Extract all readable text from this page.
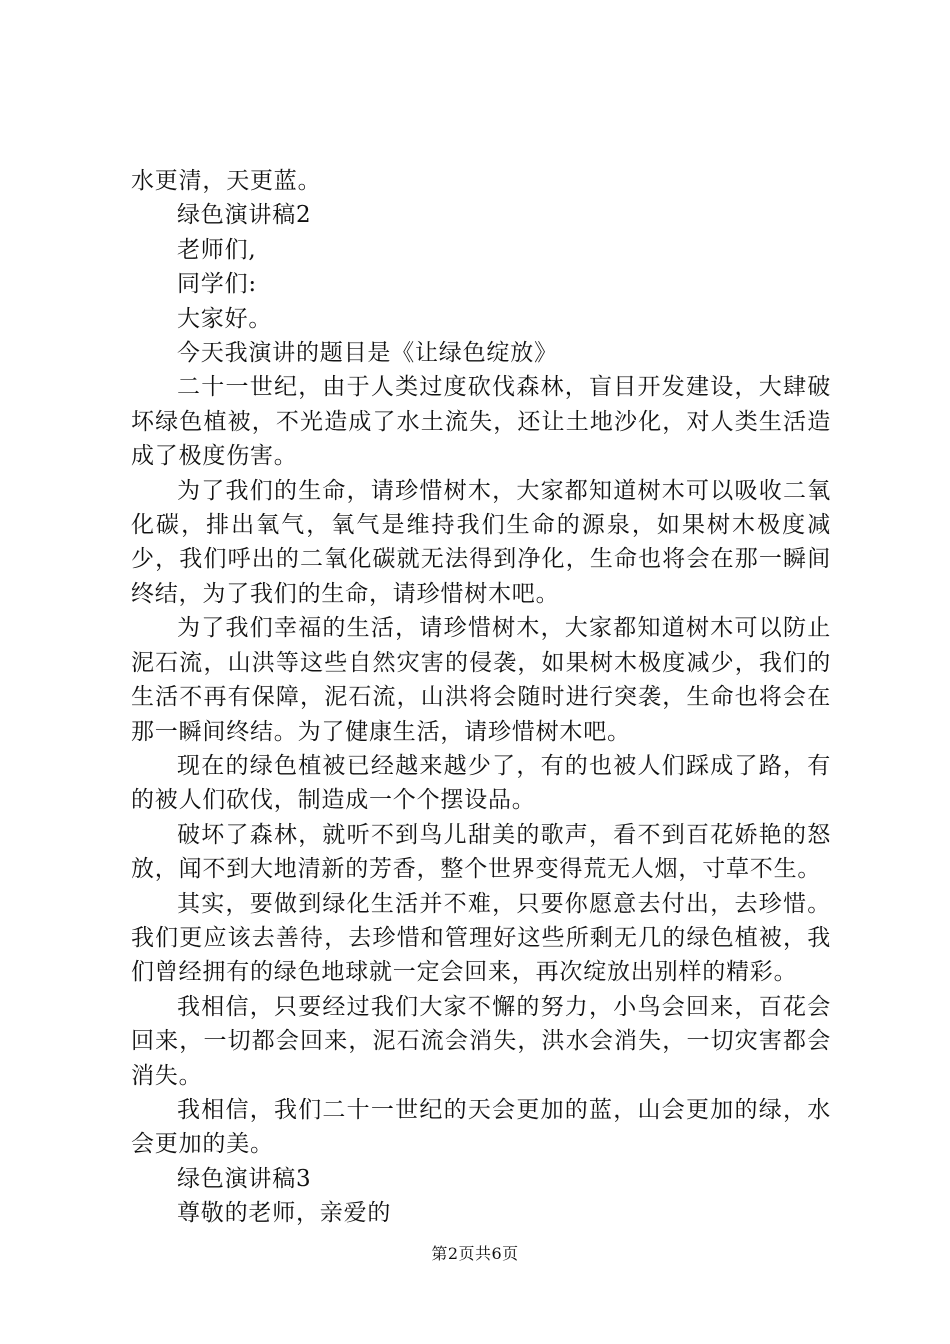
水更清，天更蓝。

绿色演讲稿2

老师们,

同学们:

大家好。

今天我演讲的题目是《让绿色绽放》

二十一世纪，由于人类过度砍伐森林，盲目开发建设，大肆破坏绿色植被，不光造成了水土流失，还让土地沙化，对人类生活造成了极度伤害。

为了我们的生命，请珍惜树木，大家都知道树木可以吸收二氧化碳，排出氧气，氧气是维持我们生命的源泉，如果树木极度减少，我们呼出的二氧化碳就无法得到净化，生命也将会在那一瞬间终结，为了我们的生命，请珍惜树木吧。

为了我们幸福的生活，请珍惜树木，大家都知道树木可以防止泥石流，山洪等这些自然灾害的侵袭，如果树木极度减少，我们的生活不再有保障，泥石流，山洪将会随时进行突袭，生命也将会在那一瞬间终结。为了健康生活，请珍惜树木吧。

现在的绿色植被已经越来越少了，有的也被人们踩成了路，有的被人们砍伐，制造成一个个摆设品。

破坏了森林，就听不到鸟儿甜美的歌声，看不到百花娇艳的怒放，闻不到大地清新的芳香，整个世界变得荒无人烟，寸草不生。

其实，要做到绿化生活并不难，只要你愿意去付出，去珍惜。我们更应该去善待，去珍惜和管理好这些所剩无几的绿色植被，我们曾经拥有的绿色地球就一定会回来，再次绽放出别样的精彩。

我相信，只要经过我们大家不懈的努力，小鸟会回来，百花会回来，一切都会回来，泥石流会消失，洪水会消失，一切灾害都会消失。

我相信，我们二十一世纪的天会更加的蓝，山会更加的绿，水会更加的美。

绿色演讲稿3

尊敬的老师，亲爱的

第2页共6页
